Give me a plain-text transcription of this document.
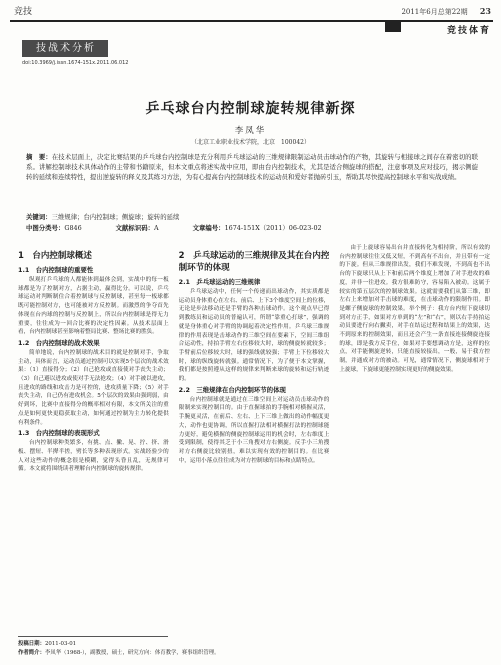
竞技	2011年6月总第22期 23
竞技体育
技战术分析
doi:10.3969/j.issn.1674-151x.2011.06.012
乒乓球台内控制球旋转规律新探
李凤华
（北京工业职业技术学院，北京　100042）
摘　要：在技术层面上，决定比赛结果的乒乓球台内控制球是充分利用乒乓球运动的三维规律限制运动员击球动作的产物，其旋转与相接球之间存在着密切的联系。讲解控制球技术具体动作的主带和书籍原来，但本文重点将述实战中应用，即由台内控制技术，尤其是适合侧旋球的搭配，注意事项及应对技巧，揭示侧旋转的延续和连续特性，提出逆旋转的释义及其练习方法，为有心提高台内控制球技术的运动员和爱好者抛砖引玉，帮助其尽快提高控制球水平和实战成绩。
关键词：三维规律；台内控制球；侧旋球；旋转的延续
中图分类号：G846	文献标识码：A	文章编号：1674-151X（2011）06-023-02
1　台内控制球概述
1.1　台内控制球的重要性
纵观打乒乓球的人都能体到最体会到，实战中的每一板球都是为了控制对方，占据主动，赢得比分。可以说，乒乓球运动对判断制住合着控制球与反控制球，甚至每一板球都既可能控制对方，也可能被对方反控制。而激烈的争夺首先体现在台内球的控制与反控制上，所以台内控制球是得无力重要，往往成为一回合比赛的决定性因素。从技术层面上看，台内控制球甚至影响着整局比赛、整场比赛的胜负。
1.2　台内控制球的战术效果
简单地说，台内控制球的战术目的就是控制对手，争取主动，具体而言，运动员通过控制可以实现5个层次的战术效果：（1）直接得分；（2）自己抢攻或直接使对手丧失主动；（3）自己避以进攻或使对手无法抢攻；（4）对手被以进攻，且进攻的路线和攻击力是可控的，进攻质量下降；（5）对手丧失主动，自己仍有进攻机会。5个层次的效果由强到弱，由好到坏，比赛中直接得分的概率相对有限，本文所关注的重点是如何更快更稳获取主动，如何通过控制为主力转化提供有利条件。
1.3　台内控制球的表现形式
台内控制球种类繁多，有挑、点、撇、晃、拧、挤、滑板、摆短、半撵半搓，劈长等多种表现形式。实战经验少的人对这些动作的概念很是模糊，觉得头昏且乱，无规律可循。本文就将围绕读者理解台内控制球的旋转规律。
2　乒乓球运动的三维规律及其在台内控制环节的体现
2.1　乒乓球运动的三维规律
乒乓球运动中，任何一个传递而出球动作，其实质都是运动员身体重心在左右、前后、上下3个维度空间上的位移，无论是步法移动还是手臂的各种击球动作。这个观点早已得到教练员和运动员的普遍认可，所谓“靠重心打球”，强调的就是身体重心对手臂的协调起着决定性作用。乒乓球三维规律的作用表现是击球动作的三维空间在要素下，空间三维组合运动性，持拍手臂左右位移较大时，球的侧旋转就较多；手臂前后位移较大时，球的强线就较强；手臂上下位移较大时，球的纵线旋转就强。通常情况下，为了便于本文掌握，我们都是按照遵从这样的规律来判断来球的旋转和运行轨迹的。
2.2　三维规律在台内控制环节的体现
台内控制球就是通过在三维空间上对运动员击球动作的限制来实现控制目的。由于直握球拍的手腕相对横握灵活，手腕更灵活，在前后、左右、上下三维上做出的动作幅度更大，动作也更协调，所以直握打法相对横握打法的控制球能力更好，避免横握的侧旋控制球运用的机会时，左右维度上受到限制，使得其乏于小三角搜对方右侧旋。反手小三角搜对方右侧旋比较别扭，难以实现有效的控制目的。在比赛中，运用小落点往往成为对方控制球的目标和点睛特点。
由于上旋球容易出台并直接转化为相持阶，所以有效的台内控制球往往又低又短，不到高有不出台，并且带有一定的下旋。但从三维规律出发，我们不难发现，不到高也不出台的下旋球只从上下和前后两个维度上增加了对手进攻的难度，并非一往进攻。我方很难防守，容易陷入被动。这属于较实的第五层次的控制球效果。这就需要我们从第三维，即左右上来增加对手击球的难度，在击球动作的限制作用。即是螺子侧旋球的控制效果。举个例子：我方台内短下旋球切到对方正手，如果对方单到的“左”和“右”，则以右手持拍运动员要进行向右撇卖，对手在结运过程和结果上的效果，达不到原来的控制效果，而且还会产生一条直接连接侧旋连接的球，即是我方反手位，如果对手要想调动方是，这样的位点，对手能侧旋逆转，只能直接较接出，一般，易于我方控制，并通成对方的被动。可见，通常情况下，侧旋球相对于上旋球，下旋球更能控制实现更好的侧旋效果。
投稿日期：2011-03-01
作者简介：李凤华（1968-），副教授，硕士，研究方向：体育教学，赛事组织管理。
